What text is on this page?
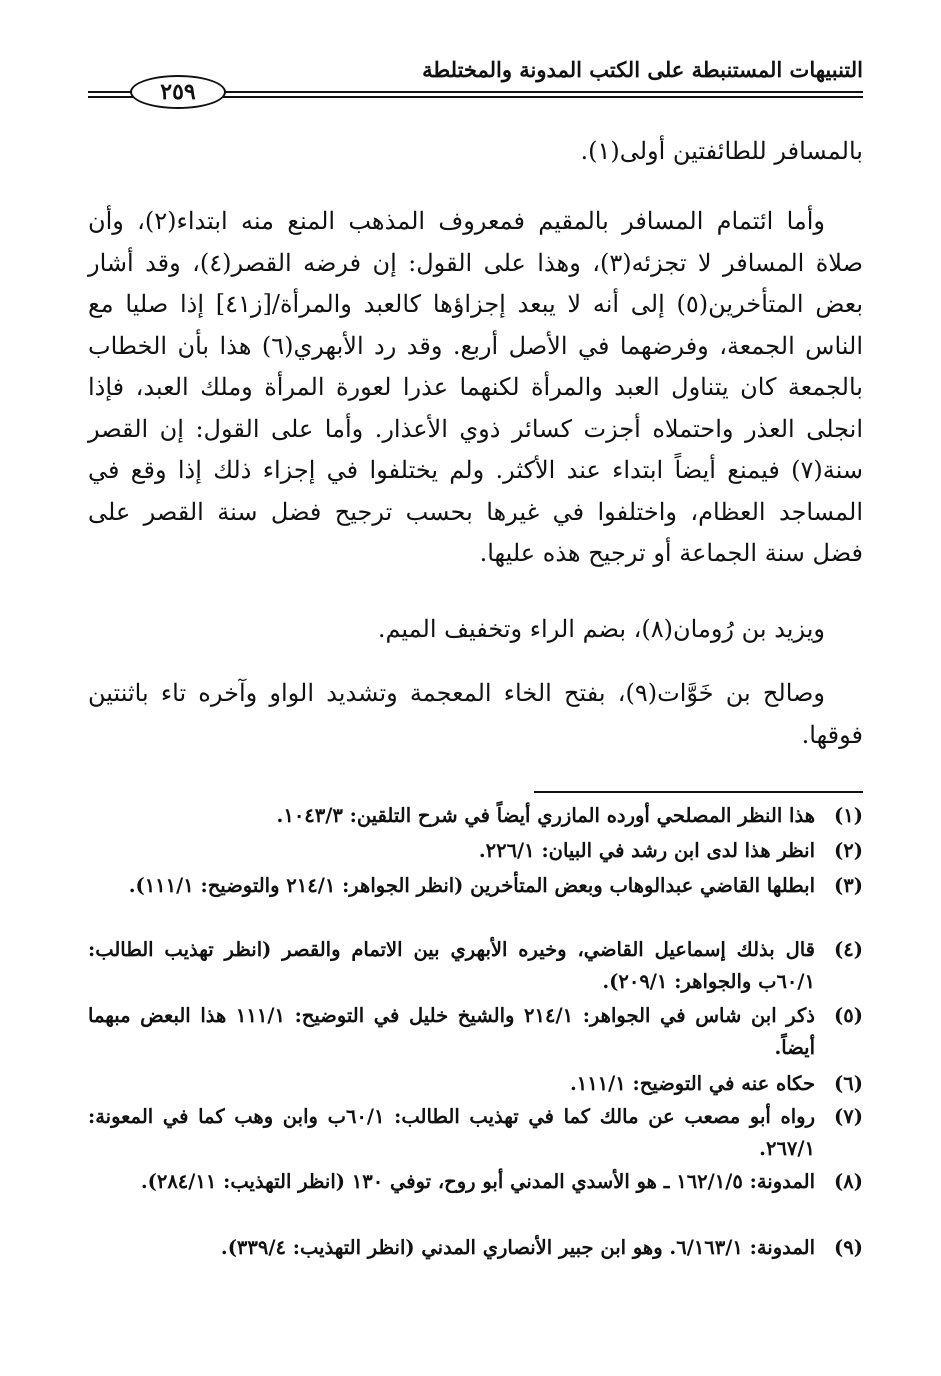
التنبيهات المستنبطة على الكتب المدونة والمختلطة
٢٥٩

بالمسافر للطائفتين أولى(١).

وأما ائتمام المسافر بالمقيم فمعروف المذهب المنع منه ابتداء(٢)، وأن صلاة المسافر لا تجزئه(٣)، وهذا على القول: إن فرضه القصر(٤)، وقد أشار بعض المتأخرين(٥) إلى أنه لا يبعد إجزاؤها كالعبد والمرأة/[ز٤١] إذا صليا مع الناس الجمعة، وفرضهما في الأصل أربع. وقد رد الأبهري(٦) هذا بأن الخطاب بالجمعة كان يتناول العبد والمرأة لكنهما عذرا لعورة المرأة وملك العبد، فإذا انجلى العذر واحتملاه أجزت كسائر ذوي الأعذار. وأما على القول: إن القصر سنة(٧) فيمنع أيضاً ابتداء عند الأكثر. ولم يختلفوا في إجزاء ذلك إذا وقع في المساجد العظام، واختلفوا في غيرها بحسب ترجيح فضل سنة القصر على فضل سنة الجماعة أو ترجيح هذه عليها.

ويزيد بن رُومان(٨)، بضم الراء وتخفيف الميم.

وصالح بن خَوَّات(٩)، بفتح الخاء المعجمة وتشديد الواو وآخره تاء باثنتين فوقها.

(١)
هذا النظر المصلحي أورده المازري أيضاً في شرح التلقين: ١٠٤٣/٣.
(٢)
انظر هذا لدى ابن رشد في البيان: ٢٢٦/١.
(٣)
ابطلها القاضي عبدالوهاب وبعض المتأخرين (انظر الجواهر: ٢١٤/١ والتوضيح: ١١١/١).
(٤)
قال بذلك إسماعيل القاضي، وخيره الأبهري بين الاتمام والقصر (انظر تهذيب الطالب: ٦٠/١ب والجواهر: ٢٠٩/١).
(٥)
ذكر ابن شاس في الجواهر: ٢١٤/١ والشيخ خليل في التوضيح: ١١١/١ هذا البعض مبهما أيضاً.
(٦)
حكاه عنه في التوضيح: ١١١/١.
(٧)
رواه أبو مصعب عن مالك كما في تهذيب الطالب: ٦٠/١ب وابن وهب كما في المعونة: ٢٦٧/١.
(٨)
المدونة: ١٦٢/١/٥ ـ هو الأسدي المدني أبو روح، توفي ١٣٠ (انظر التهذيب: ٢٨٤/١١).
(٩)
المدونة: ٦/١٦٣/١. وهو ابن جبير الأنصاري المدني (انظر التهذيب: ٣٣٩/٤).
